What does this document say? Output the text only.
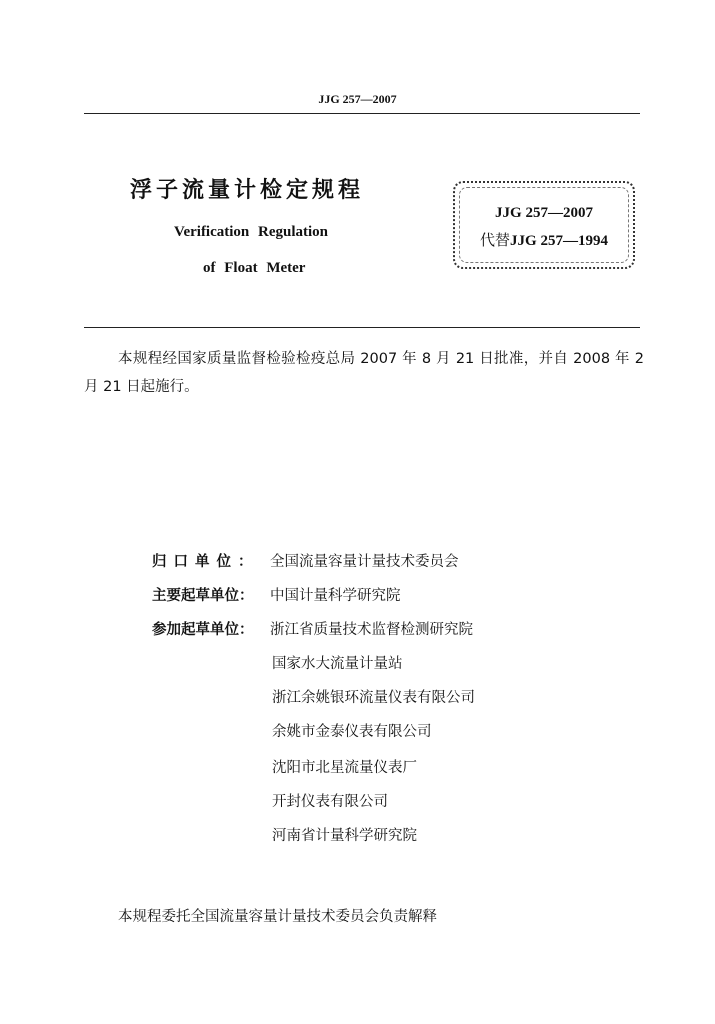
JJG 257—2007
浮子流量计检定规程
Verification Regulation
of Float Meter
JJG 257—2007
代替JJG 257—1994
本规程经国家质量监督检验检疫总局 2007 年 8 月 21 日批准，并自 2008 年 2 月 21 日起施行。
归口单位： 全国流量容量计量技术委员会
主要起草单位： 中国计量科学研究院
参加起草单位： 浙江省质量技术监督检测研究院
国家水大流量计量站
浙江余姚银环流量仪表有限公司
余姚市金泰仪表有限公司
沈阳市北星流量仪表厂
开封仪表有限公司
河南省计量科学研究院
本规程委托全国流量容量计量技术委员会负责解释
